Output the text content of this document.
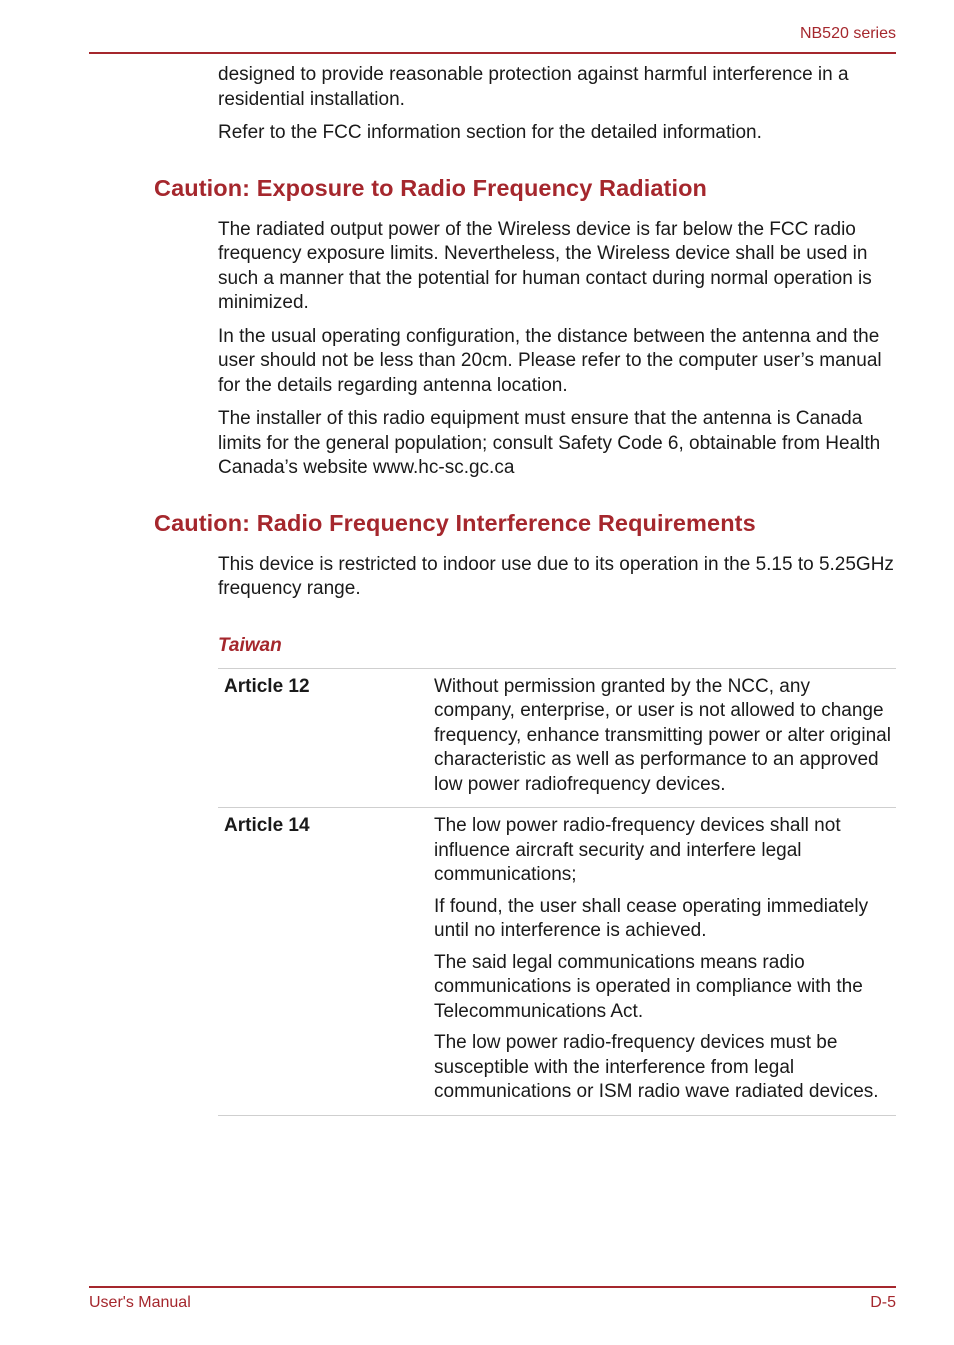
NB520 series

designed to provide reasonable protection against harmful interference in a residential installation.

Refer to the FCC information section for the detailed information.

Caution: Exposure to Radio Frequency Radiation

The radiated output power of the Wireless device is far below the FCC radio frequency exposure limits. Nevertheless, the Wireless device shall be used in such a manner that the potential for human contact during normal operation is minimized.

In the usual operating configuration, the distance between the antenna and the user should not be less than 20cm. Please refer to the computer user’s manual for the details regarding antenna location.

The installer of this radio equipment must ensure that the antenna is Canada limits for the general population; consult Safety Code 6, obtainable from Health Canada’s website www.hc-sc.gc.ca

Caution: Radio Frequency Interference Requirements

This device is restricted to indoor use due to its operation in the 5.15 to 5.25GHz frequency range.

Taiwan
Article 12	Without permission granted by the NCC, any company, enterprise, or user is not allowed to change frequency, enhance transmitting power or alter original characteristic as well as performance to an approved low power radiofrequency devices.

Article 14	The low power radio-frequency devices shall not influence aircraft security and interfere legal communications;

If found, the user shall cease operating immediately until no interference is achieved.

The said legal communications means radio communications is operated in compliance with the Telecommunications Act.

The low power radio-frequency devices must be susceptible with the interference from legal communications or ISM radio wave radiated devices.

User's Manual	D-5
